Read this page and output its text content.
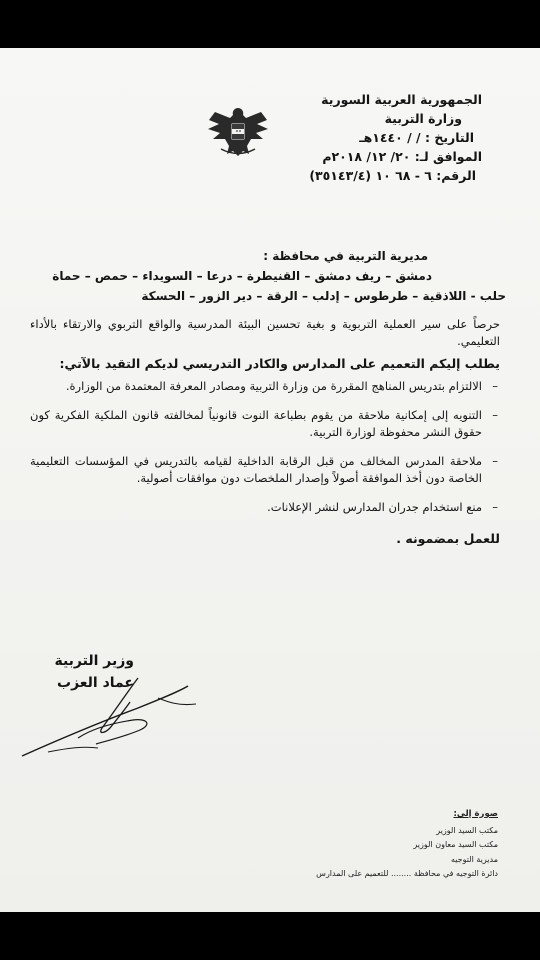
الجمهورية العربية السورية
وزارة التربية
التاريخ : / / ١٤٤٠هـ
الموافق لـ: ٢٠/ ١٢/ ٢٠١٨م
الرقم: ٦ - ٦٨ ١٠ (٣٥١٤٣/٤)
مديرية التربية في محافظة :
دمشق – ريف دمشق – القنيطرة – درعا – السويداء – حمص – حماة
حلب - اللاذقية – طرطوس – إدلب – الرقة – دير الزور – الحسكة

حرصاً على سير العملية التربوية و بغية تحسين البيئة المدرسية والواقع التربوي والارتقاء بالأداء التعليمي.

يطلب إليكم التعميم على المدارس والكادر التدريسي لديكم التقيد بالآتي:

–
الالتزام بتدريس المناهج المقررة من وزارة التربية ومصادر المعرفة المعتمدة من الوزارة.
–
التنويه إلى إمكانية ملاحقة من يقوم بطباعة النوت قانونياً لمخالفته قانون الملكية الفكرية كون حقوق النشر محفوظة لوزارة التربية.
–
ملاحقة المدرس المخالف من قبل الرقابة الداخلية لقيامه بالتدريس في المؤسسات التعليمية الخاصة دون أخذ الموافقة أصولاً وإصدار الملخصات دون موافقات أصولية.
–
منع استخدام جدران المدارس لنشر الإعلانات.

للعمل بمضمونه .

وزير التربية
عماد العزب
صورة إلى:
مكتب السيد الوزير
مكتب السيد معاون الوزير
مديرية التوجيه
دائرة التوجيه في محافظة ........ للتعميم على المدارس
